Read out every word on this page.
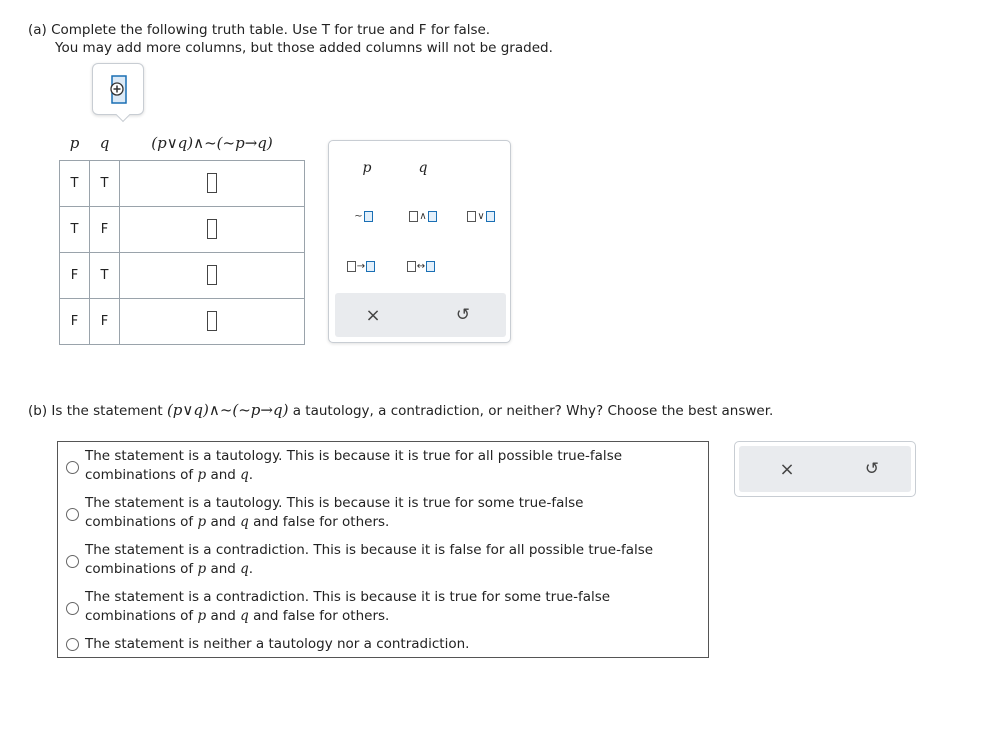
(a) Complete the following truth table. Use T for true and F for false.
You may add more columns, but those added columns will not be graded.
p	q	(p∨q)∧~(~p→q)
T	T	
T	F	
F	T	
F	F	
p	q
~	∧	∨
→	↔
×	↺
(b) Is the statement (p∨q)∧~(~p→q) a tautology, a contradiction, or neither? Why? Choose the best answer.
The statement is a tautology. This is because it is true for all possible true-false
combinations of p and q.
The statement is a tautology. This is because it is true for some true-false
combinations of p and q and false for others.
The statement is a contradiction. This is because it is false for all possible true-false
combinations of p and q.
The statement is a contradiction. This is because it is true for some true-false
combinations of p and q and false for others.
The statement is neither a tautology nor a contradiction.
×	↺
